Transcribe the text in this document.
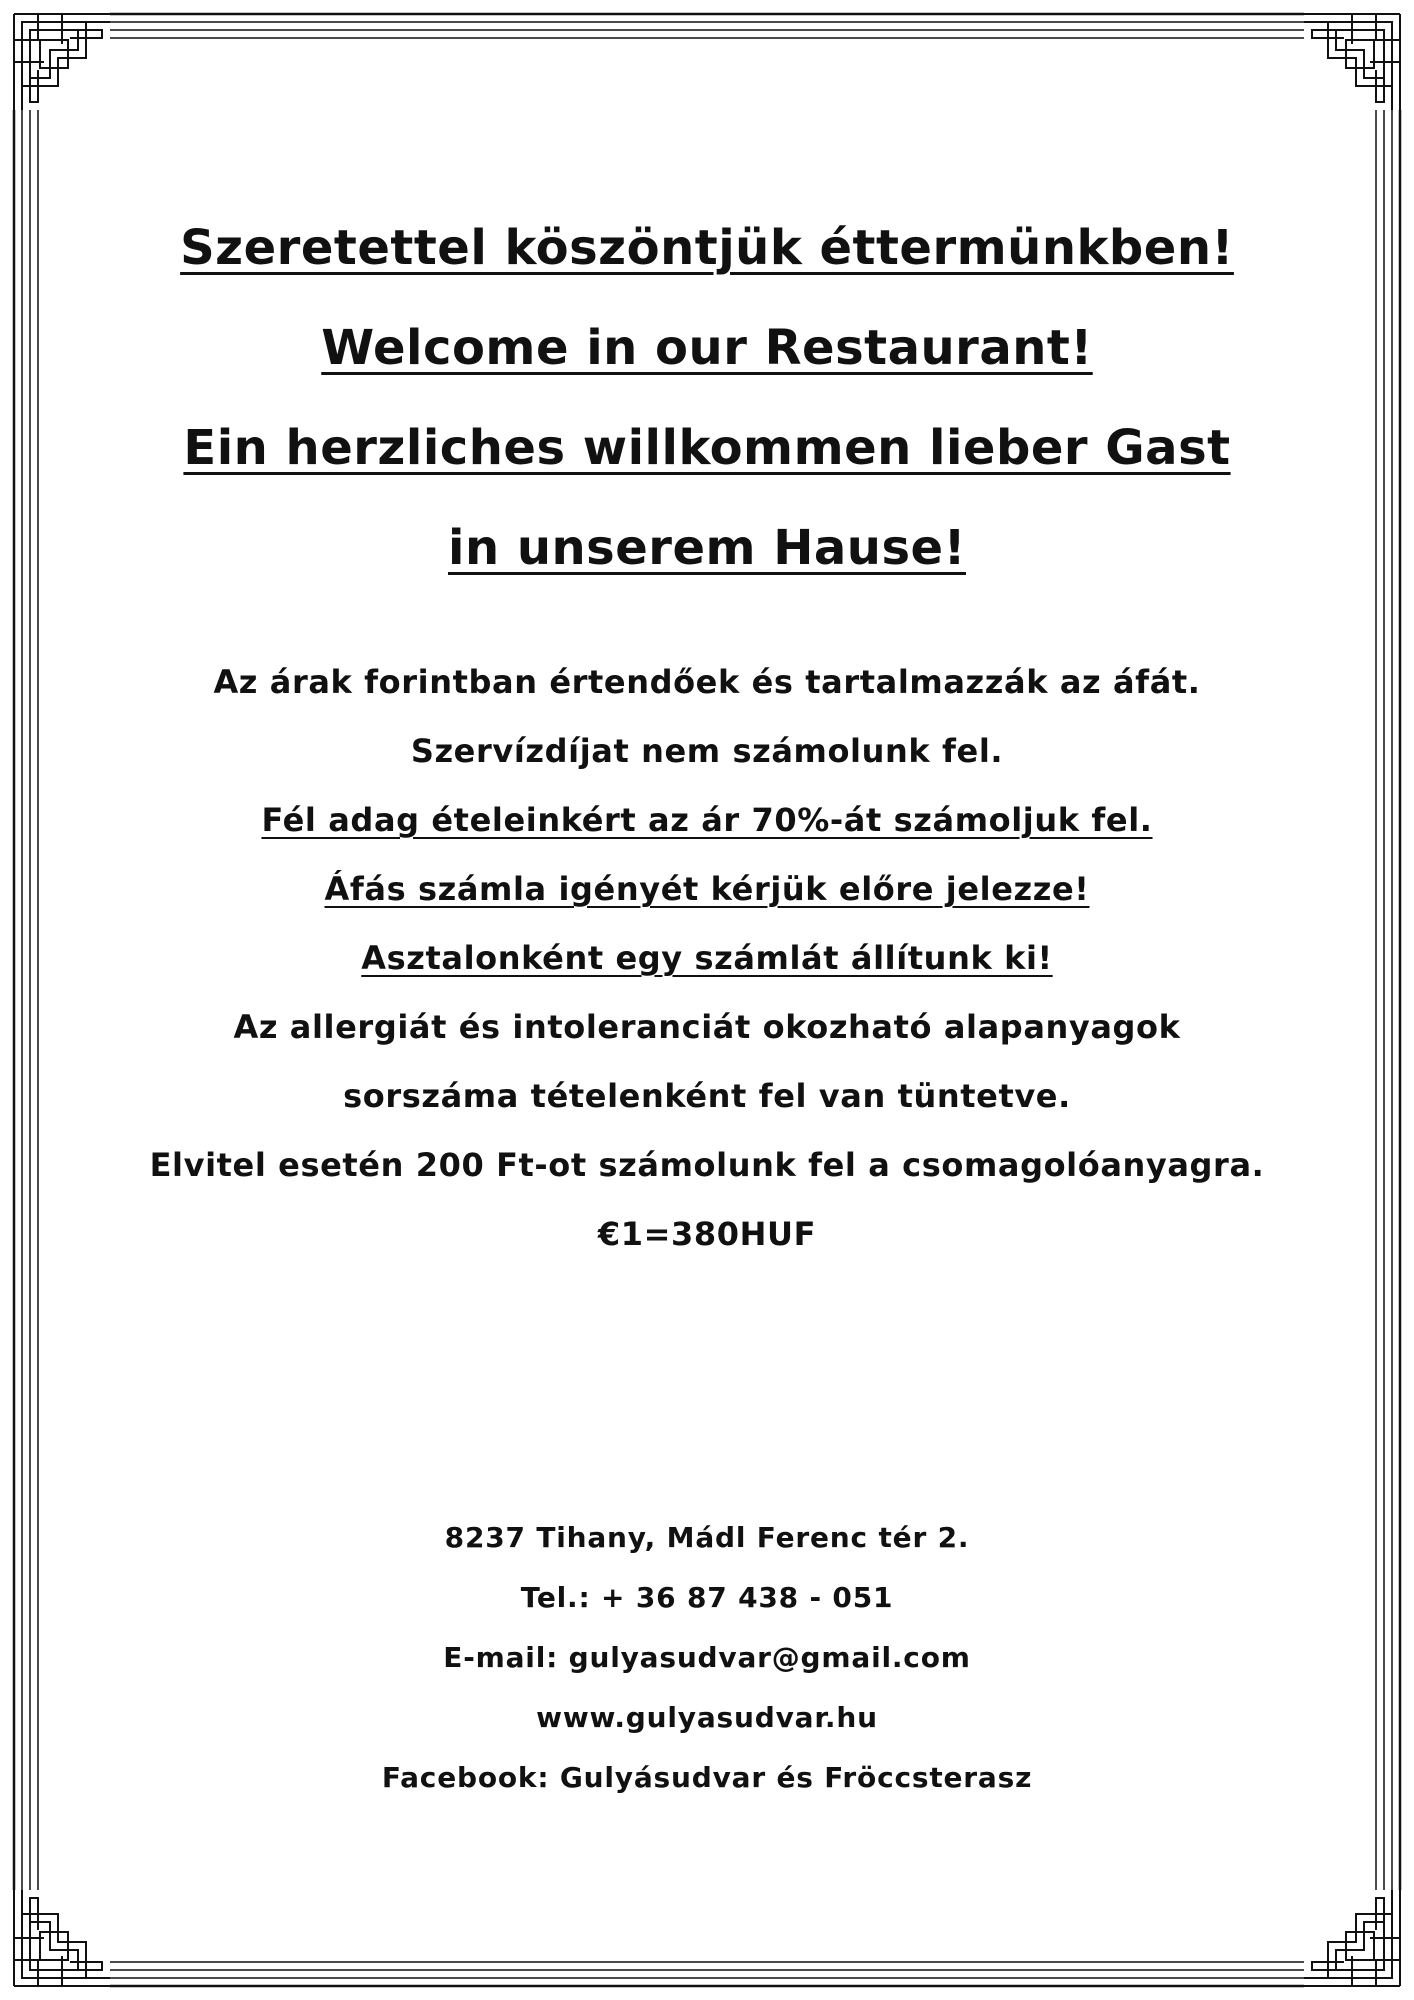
Szeretettel köszöntjük éttermünkben!
Welcome in our Restaurant!
Ein herzliches willkommen lieber Gast
in unserem Hause!
Az árak forintban értendőek és tartalmazzák az áfát.
Szervízdíjat nem számolunk fel.
Fél adag ételeinkért az ár 70%-át számoljuk fel.
Áfás számla igényét kérjük előre jelezze!
Asztalonként egy számlát állítunk ki!
Az allergiát és intoleranciát okozható alapanyagok
sorszáma tételenként fel van tüntetve.
Elvitel esetén 200 Ft-ot számolunk fel a csomagolóanyagra.
€1=380HUF
8237 Tihany, Mádl Ferenc tér 2.
Tel.: + 36 87 438 - 051
E-mail: gulyasudvar@gmail.com
www.gulyasudvar.hu
Facebook: Gulyásudvar és Fröccsterasz
